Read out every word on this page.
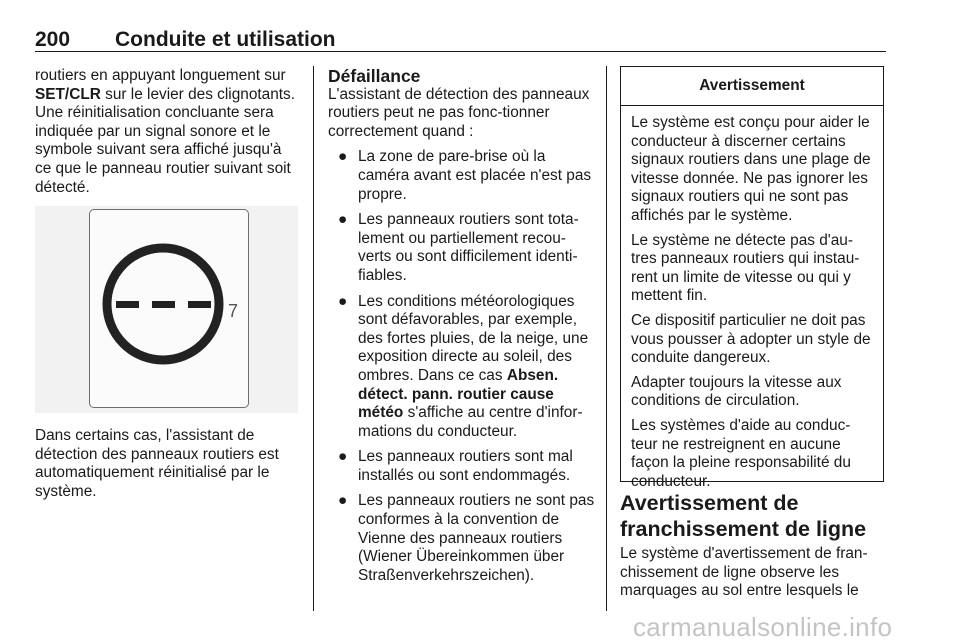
200 Conduite et utilisation

routiers en appuyant longuement sur SET/CLR sur le levier des clignotants. Une réinitialisation concluante sera indiquée par un signal sonore et le symbole suivant sera affiché jusqu'à ce que le panneau routier suivant soit détecté.

7

Dans certains cas, l'assistant de détection des panneaux routiers est automatiquement réinitialisé par le système.

Défaillance

L'assistant de détection des panneaux routiers peut ne pas fonc-tionner correctement quand :

● La zone de pare-brise où la caméra avant est placée n'est pas propre.
● Les panneaux routiers sont tota-lement ou partiellement recou-verts ou sont difficilement identi-fiables.
● Les conditions météorologiques sont défavorables, par exemple, des fortes pluies, de la neige, une exposition directe au soleil, des ombres. Dans ce cas Absen. détect. pann. routier cause météo s'affiche au centre d'infor-mations du conducteur.
● Les panneaux routiers sont mal installés ou sont endommagés.
● Les panneaux routiers ne sont pas conformes à la convention de Vienne des panneaux routiers (Wiener Übereinkommen über Straßenverkehrszeichen).
Avertissement

Le système est conçu pour aider le conducteur à discerner certains signaux routiers dans une plage de vitesse donnée. Ne pas ignorer les signaux routiers qui ne sont pas affichés par le système.

Le système ne détecte pas d'au-tres panneaux routiers qui instau-rent un limite de vitesse ou qui y mettent fin.

Ce dispositif particulier ne doit pas vous pousser à adopter un style de conduite dangereux.

Adapter toujours la vitesse aux conditions de circulation.

Les systèmes d'aide au conduc-teur ne restreignent en aucune façon la pleine responsabilité du conducteur.

Avertissement de franchissement de ligne

Le système d'avertissement de fran-chissement de ligne observe les marquages au sol entre lesquels le

carmanualsonline.info
